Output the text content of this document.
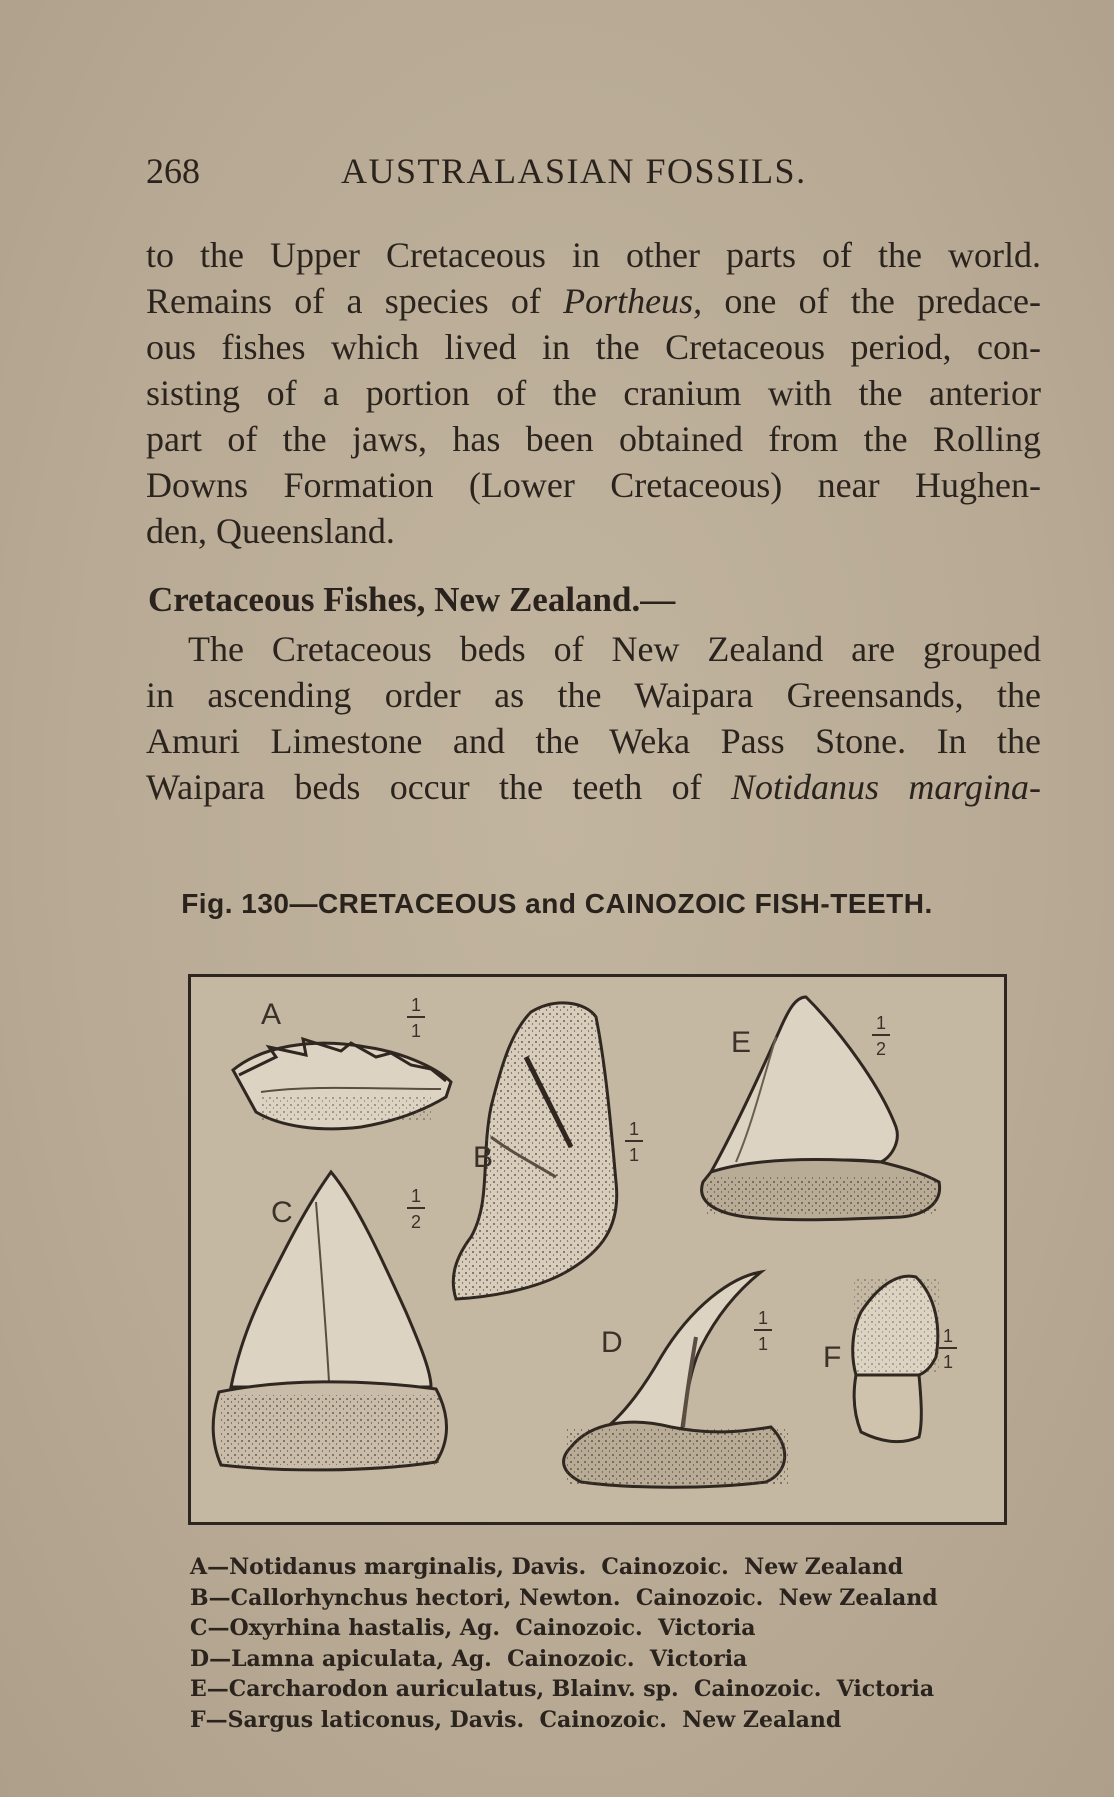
268	AUSTRALASIAN FOSSILS.
to the Upper Cretaceous in other parts of the world.
Remains of a species of Portheus, one of the predace-
ous fishes which lived in the Cretaceous period, con-
sisting of a portion of the cranium with the anterior
part of the jaws, has been obtained from the Rolling
Downs Formation (Lower Cretaceous) near Hughen-
den, Queensland.
Cretaceous Fishes, New Zealand.—
The Cretaceous beds of New Zealand are grouped
in ascending order as the Waipara Greensands, the
Amuri Limestone and the Weka Pass Stone. In the
Waipara beds occur the teeth of Notidanus margina-
Fig. 130—CRETACEOUS and CAINOZOIC FISH-TEETH.
A
B
C
D
E
F
1
1
1
1
1
2
1
1
1
2
1
1
A—Notidanus marginalis, Davis.  Cainozoic.  New Zealand
B—Callorhynchus hectori, Newton.  Cainozoic.  New Zealand
C—Oxyrhina hastalis, Ag.  Cainozoic.  Victoria
D—Lamna apiculata, Ag.  Cainozoic.  Victoria
E—Carcharodon auriculatus, Blainv. sp.  Cainozoic.  Victoria
F—Sargus laticonus, Davis.  Cainozoic.  New Zealand
